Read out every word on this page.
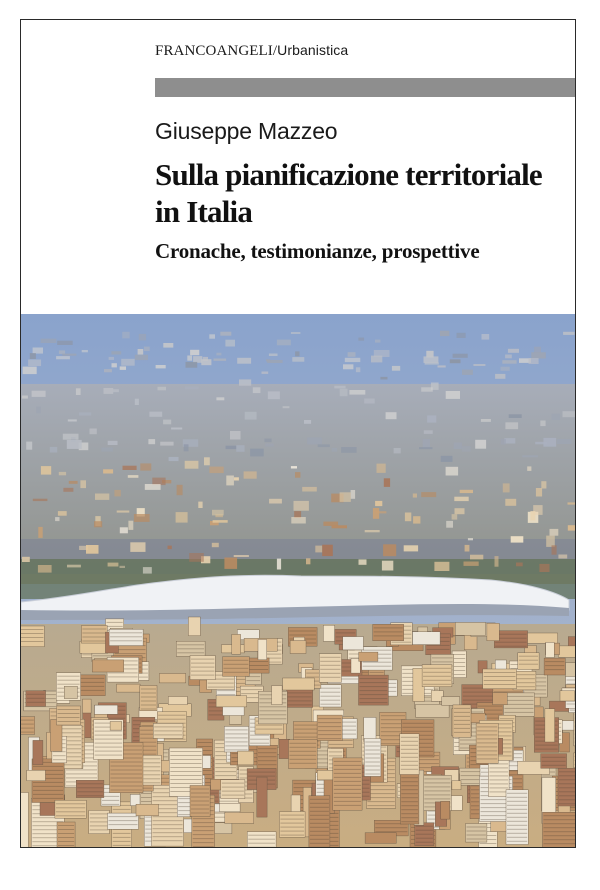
FRANCOANGELI/Urbanistica
Giuseppe Mazzeo
Sulla pianificazione territoriale
in Italia
Cronache, testimonianze, prospettive
